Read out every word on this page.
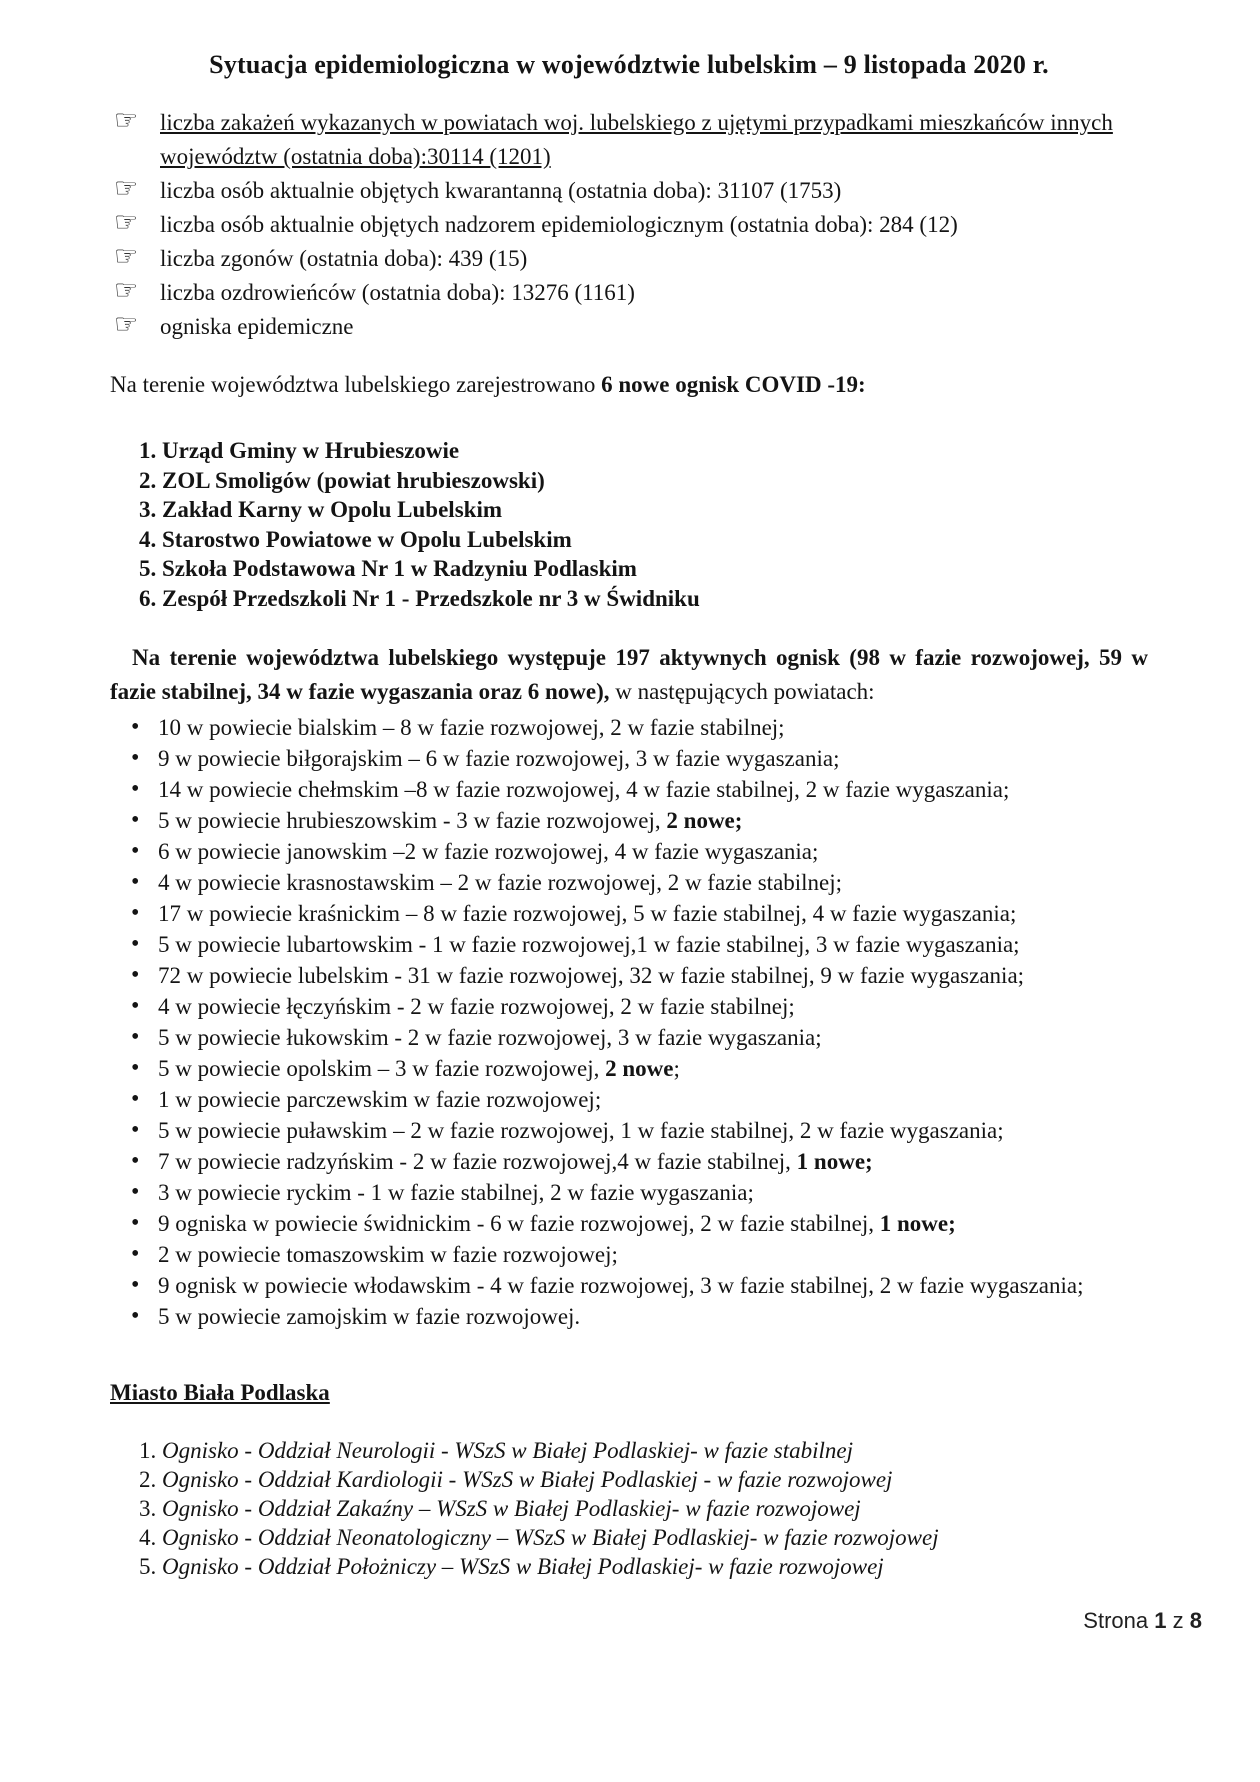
Sytuacja epidemiologiczna w województwie lubelskim – 9 listopada 2020 r.
☞ liczba zakażeń wykazanych w powiatach woj. lubelskiego z ujętymi przypadkami mieszkańców innych województw (ostatnia doba):30114 (1201)
☞ liczba osób aktualnie objętych kwarantanną (ostatnia doba): 31107 (1753)
☞ liczba osób aktualnie objętych nadzorem epidemiologicznym (ostatnia doba): 284 (12)
☞ liczba zgonów (ostatnia doba): 439 (15)
☞ liczba ozdrowieńców (ostatnia doba): 13276 (1161)
☞ ogniska epidemiczne

Na terenie województwa lubelskiego zarejestrowano 6 nowe ognisk COVID -19:

1. Urząd Gminy w Hrubieszowie
2. ZOL Smoligów (powiat hrubieszowski)
3. Zakład Karny w Opolu Lubelskim
4. Starostwo Powiatowe w Opolu Lubelskim
5. Szkoła Podstawowa Nr 1 w Radzyniu Podlaskim
6. Zespół Przedszkoli Nr 1 - Przedszkole nr 3 w Świdniku

Na terenie województwa lubelskiego występuje 197 aktywnych ognisk (98 w fazie rozwojowej, 59 w fazie stabilnej, 34 w fazie wygaszania oraz 6 nowe), w następujących powiatach:

• 10 w powiecie bialskim – 8 w fazie rozwojowej, 2 w fazie stabilnej;
• 9 w powiecie biłgorajskim – 6 w fazie rozwojowej, 3 w fazie wygaszania;
• 14 w powiecie chełmskim –8 w fazie rozwojowej, 4 w fazie stabilnej, 2 w fazie wygaszania;
• 5 w powiecie hrubieszowskim - 3 w fazie rozwojowej, 2 nowe;
• 6 w powiecie janowskim –2 w fazie rozwojowej, 4 w fazie wygaszania;
• 4 w powiecie krasnostawskim – 2 w fazie rozwojowej, 2 w fazie stabilnej;
• 17 w powiecie kraśnickim – 8 w fazie rozwojowej, 5 w fazie stabilnej, 4 w fazie wygaszania;
• 5 w powiecie lubartowskim - 1 w fazie rozwojowej,1 w fazie stabilnej, 3 w fazie wygaszania;
• 72 w powiecie lubelskim - 31 w fazie rozwojowej, 32 w fazie stabilnej, 9 w fazie wygaszania;
• 4 w powiecie łęczyńskim - 2 w fazie rozwojowej, 2 w fazie stabilnej;
• 5 w powiecie łukowskim - 2 w fazie rozwojowej, 3 w fazie wygaszania;
• 5 w powiecie opolskim – 3 w fazie rozwojowej, 2 nowe;
• 1 w powiecie parczewskim w fazie rozwojowej;
• 5 w powiecie puławskim – 2 w fazie rozwojowej, 1 w fazie stabilnej, 2 w fazie wygaszania;
• 7 w powiecie radzyńskim - 2 w fazie rozwojowej,4 w fazie stabilnej, 1 nowe;
• 3 w powiecie ryckim - 1 w fazie stabilnej, 2 w fazie wygaszania;
• 9 ogniska w powiecie świdnickim - 6 w fazie rozwojowej, 2 w fazie stabilnej, 1 nowe;
• 2 w powiecie tomaszowskim w fazie rozwojowej;
• 9 ognisk w powiecie włodawskim - 4 w fazie rozwojowej, 3 w fazie stabilnej, 2 w fazie wygaszania;
• 5 w powiecie zamojskim w fazie rozwojowej.
Miasto Biała Podlaska
1. Ognisko - Oddział Neurologii - WSzS w Białej Podlaskiej- w fazie stabilnej
2. Ognisko - Oddział Kardiologii - WSzS w Białej Podlaskiej - w fazie rozwojowej
3. Ognisko - Oddział Zakaźny – WSzS w Białej Podlaskiej- w fazie rozwojowej
4. Ognisko - Oddział Neonatologiczny – WSzS w Białej Podlaskiej- w fazie rozwojowej
5. Ognisko - Oddział Położniczy – WSzS w Białej Podlaskiej- w fazie rozwojowej
Strona 1 z 8
